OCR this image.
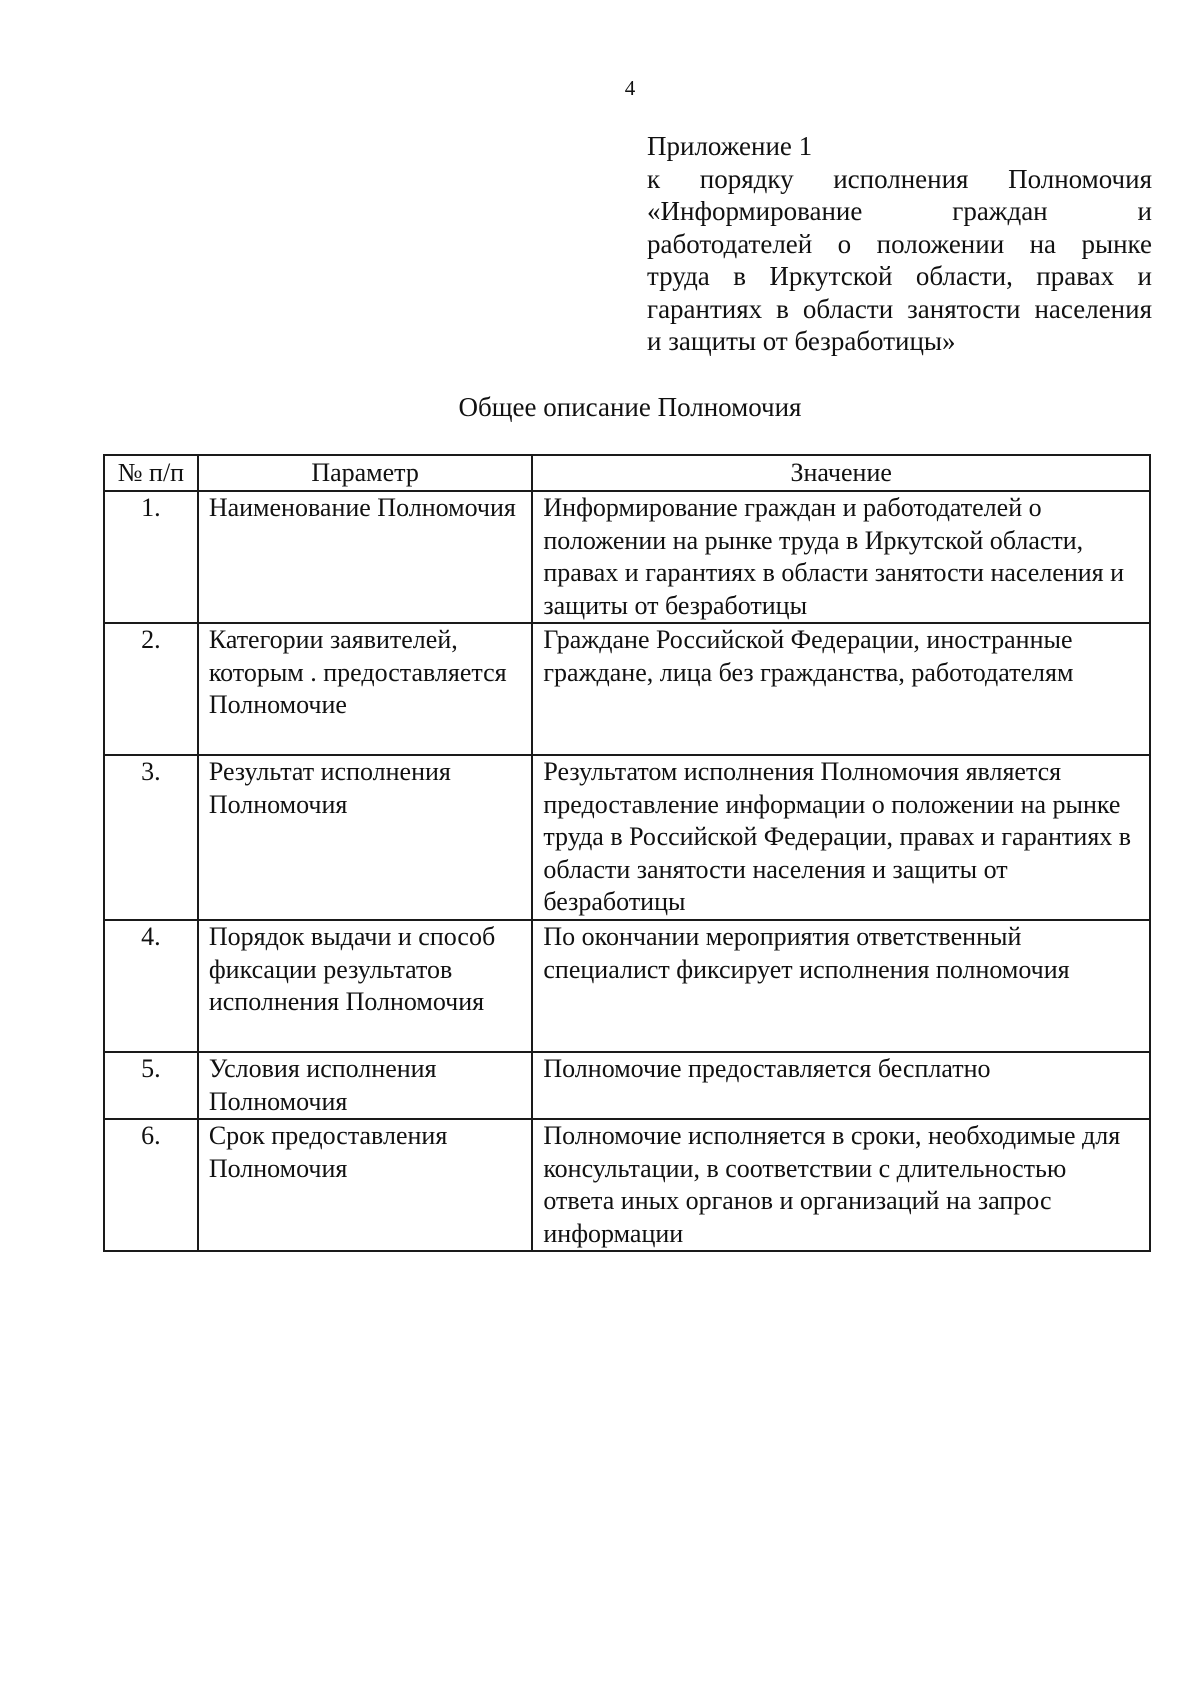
4
Приложение 1
к порядку исполнения Полномочия
«Информирование граждан и
работодателей о положении на рынке
труда в Иркутской области, правах и
гарантиях в области занятости населения
и защиты от безработицы»
Общее описание Полномочия
№ п/п	Параметр	Значение
1.	Наименование Полномочия	Информирование граждан и работодателей о положении на рынке труда в Иркутской области, правах и гарантиях в области занятости населения и защиты от безработицы
2.	Категории заявителей, которым . предоставляется Полномочие	Граждане Российской Федерации, иностранные граждане, лица без гражданства, работодателям
3.	Результат исполнения Полномочия	Результатом исполнения Полномочия является предоставление информации о положении на рынке труда в Российской Федерации, правах и гарантиях в области занятости населения и защиты от безработицы
4.	Порядок выдачи и способ фиксации результатов исполнения Полномочия	По окончании мероприятия ответственный специалист фиксирует исполнения полномочия
5.	Условия исполнения Полномочия	Полномочие предоставляется бесплатно
6.	Срок предоставления Полномочия	Полномочие исполняется в сроки, необходимые для консультации, в соответствии с длительностью ответа иных органов и организаций на запрос информации
